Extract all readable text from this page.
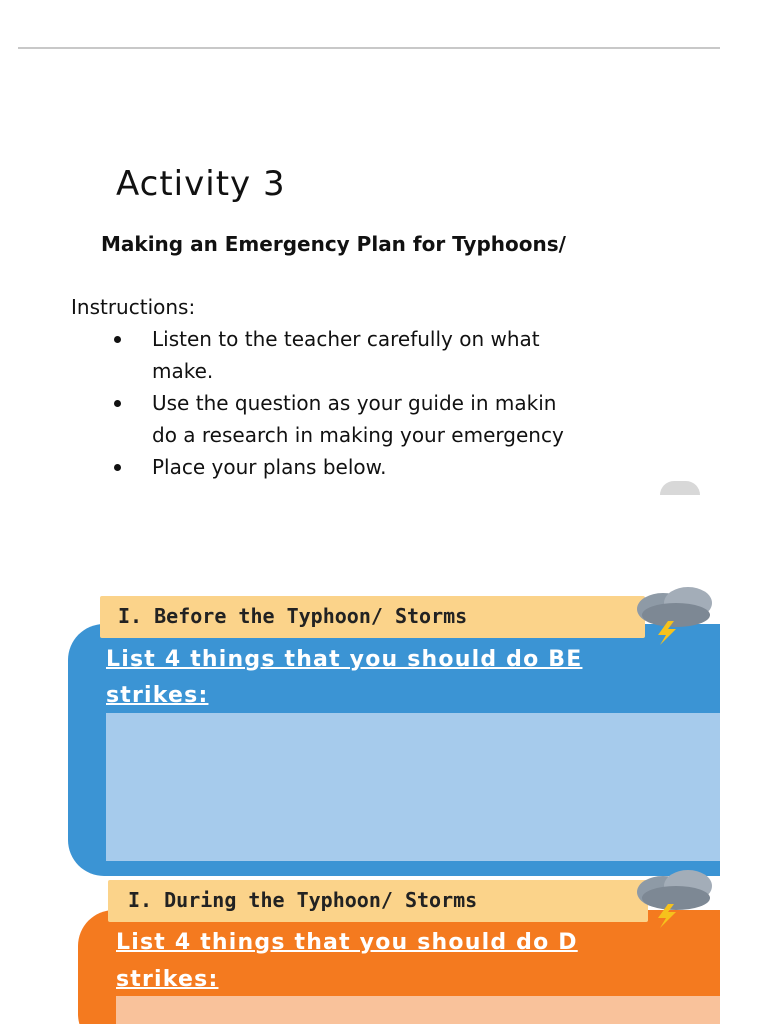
Activity 3
Making an Emergency Plan for Typhoons/
Instructions:
Listen to the teacher carefully on what
make.
Use the question as your guide in makin
do a research in making your emergency
Place your plans below.
I. Before the Typhoon/ Storms
List 4 things that you should do BE
strikes:
I. During the Typhoon/ Storms
List 4 things that you should do D
strikes:
